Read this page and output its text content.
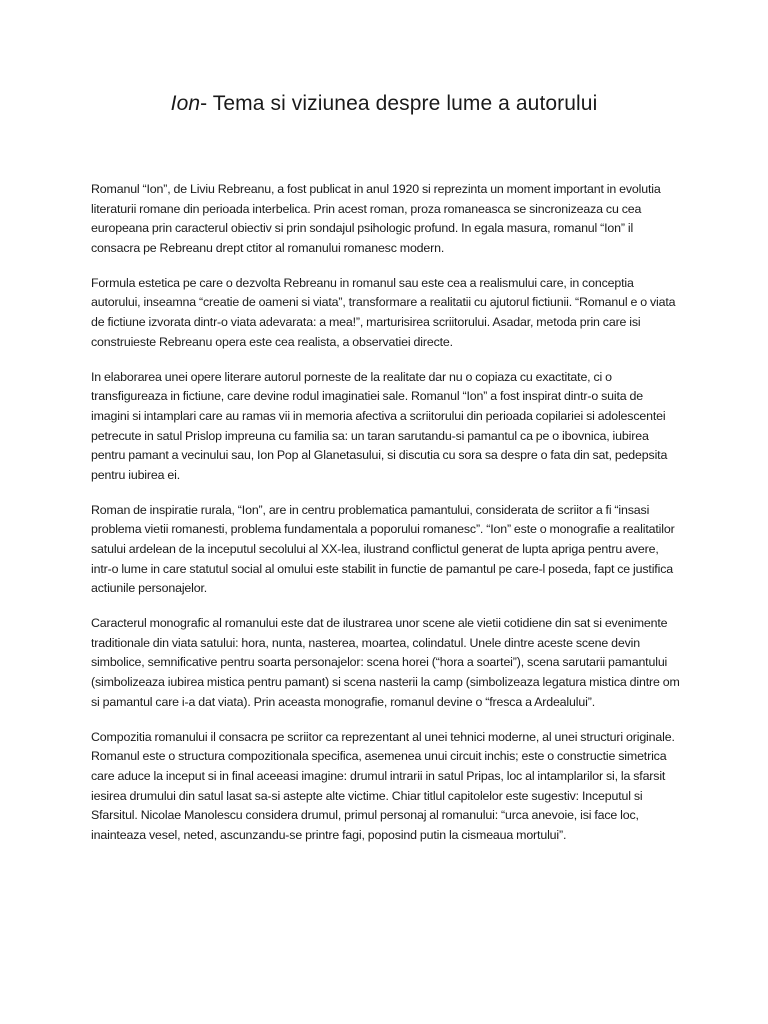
Ion- Tema si viziunea despre lume a autorului

Romanul “Ion”, de Liviu Rebreanu, a fost publicat in anul 1920 si reprezinta un moment important in evolutia literaturii romane din perioada interbelica. Prin acest roman, proza romaneasca se sincronizeaza cu cea europeana prin caracterul obiectiv si prin sondajul psihologic profund. In egala masura, romanul “Ion” il consacra pe Rebreanu drept ctitor al romanului romanesc modern.

Formula estetica pe care o dezvolta Rebreanu in romanul sau este cea a realismului care, in conceptia autorului, inseamna “creatie de oameni si viata”, transformare a realitatii cu ajutorul fictiunii. “Romanul e o viata de fictiune izvorata dintr-o viata adevarata: a mea!”, marturisirea scriitorului. Asadar, metoda prin care isi construieste Rebreanu opera este cea realista, a observatiei directe.

In elaborarea unei opere literare autorul porneste de la realitate dar nu o copiaza cu exactitate, ci o transfigureaza in fictiune, care devine rodul imaginatiei sale. Romanul “Ion” a fost inspirat dintr-o suita de imagini si intamplari care au ramas vii in memoria afectiva a scriitorului din perioada copilariei si adolescentei petrecute in satul Prislop impreuna cu familia sa: un taran sarutandu-si pamantul ca pe o ibovnica, iubirea pentru pamant a vecinului sau, Ion Pop al Glanetasului, si discutia cu sora sa despre o fata din sat, pedepsita pentru iubirea ei.

Roman de inspiratie rurala, “Ion”, are in centru problematica pamantului, considerata de scriitor a fi “insasi problema vietii romanesti, problema fundamentala a poporului romanesc”. “Ion” este o monografie a realitatilor satului ardelean de la inceputul secolului al XX-lea, ilustrand conflictul generat de lupta apriga pentru avere, intr-o lume in care statutul social al omului este stabilit in functie de pamantul pe care-l poseda, fapt ce justifica actiunile personajelor.

Caracterul monografic al romanului este dat de ilustrarea unor scene ale vietii cotidiene din sat si evenimente traditionale din viata satului: hora, nunta, nasterea, moartea, colindatul. Unele dintre aceste scene devin simbolice, semnificative pentru soarta personajelor: scena horei (“hora a soartei”), scena sarutarii pamantului (simbolizeaza iubirea mistica pentru pamant) si scena nasterii la camp (simbolizeaza legatura mistica dintre om si pamantul care i-a dat viata). Prin aceasta monografie, romanul devine o “fresca a Ardealului”.

Compozitia romanului il consacra pe scriitor ca reprezentant al unei tehnici moderne, al unei structuri originale. Romanul este o structura compozitionala specifica, asemenea unui circuit inchis; este o constructie simetrica care aduce la inceput si in final aceeasi imagine: drumul intrarii in satul Pripas, loc al intamplarilor si, la sfarsit iesirea drumului din satul lasat sa-si astepte alte victime. Chiar titlul capitolelor este sugestiv: Inceputul si Sfarsitul. Nicolae Manolescu considera drumul, primul personaj al romanului: “urca anevoie, isi face loc, inainteaza vesel, neted, ascunzandu-se printre fagi, poposind putin la cismeaua mortului”.
